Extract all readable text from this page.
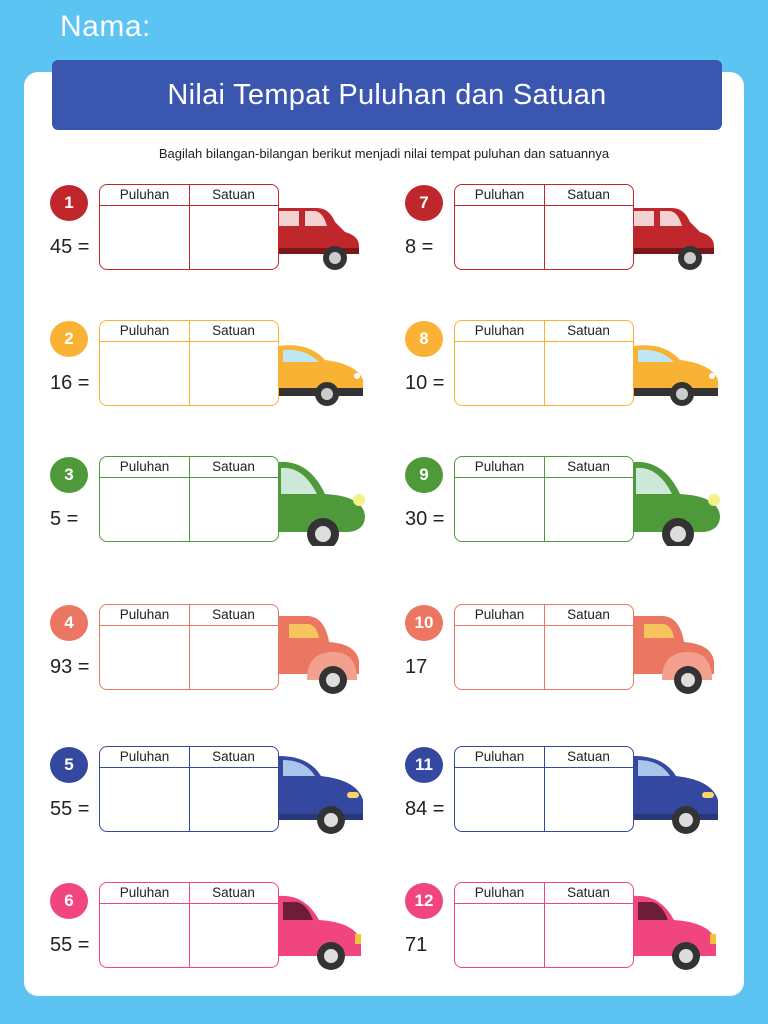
Nama:
Nilai Tempat Puluhan dan Satuan
Bagilah bilangan-bilangan berikut menjadi nilai tempat puluhan dan satuannya
1
45 =
Puluhan	Satuan
2
16 =
Puluhan	Satuan
3
5 =
Puluhan	Satuan
4
93 =
Puluhan	Satuan
5
55 =
Puluhan	Satuan
6
55 =
Puluhan	Satuan
7
8 =
Puluhan	Satuan
8
10 =
Puluhan	Satuan
9
30 =
Puluhan	Satuan
10
17
Puluhan	Satuan
11
84 =
Puluhan	Satuan
12
71
Puluhan	Satuan
